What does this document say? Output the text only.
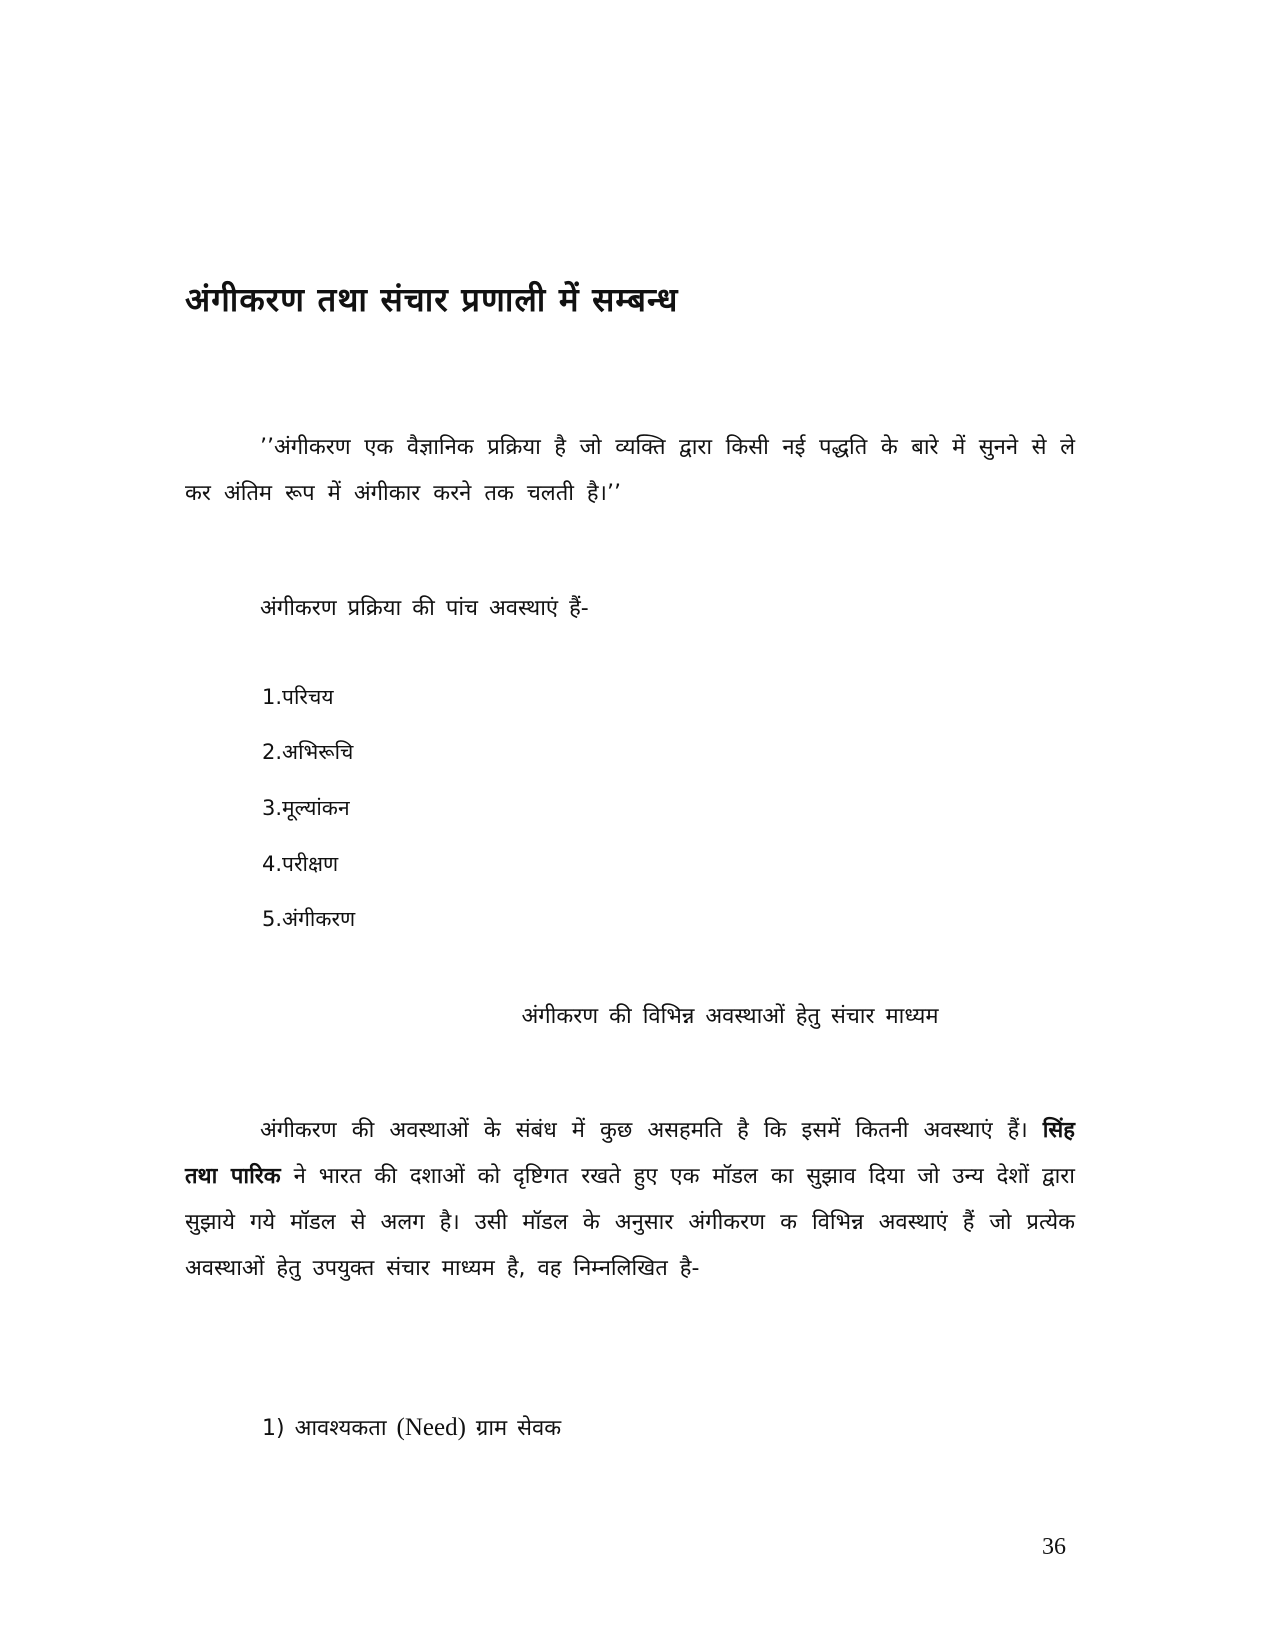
अंगीकरण तथा संचार प्रणाली में सम्बन्ध

’’अंगीकरण एक वैज्ञानिक प्रक्रिया है जो व्यक्ति द्वारा किसी नई पद्धति के बारे में सुनने से ले कर अंतिम रूप में अंगीकार करने तक चलती है।’’

अंगीकरण प्रक्रिया की पांच अवस्थाएं हैं-

1.परिचय

2.अभिरूचि

3.मूल्यांकन

4.परीक्षण

5.अंगीकरण

अंगीकरण की विभिन्न अवस्थाओं हेतु संचार माध्यम

अंगीकरण की अवस्थाओं के संबंध में कुछ असहमति है कि इसमें कितनी अवस्थाएं हैं। सिंह तथा पारिक ने भारत की दशाओं को दृष्टिगत रखते हुए एक मॉडल का सुझाव दिया जो उन्य देशों द्वारा सुझाये गये मॉडल से अलग है। उसी मॉडल के अनुसार अंगीकरण क विभिन्न अवस्थाएं हैं जो प्रत्येक अवस्थाओं हेतु उपयुक्त संचार माध्यम है, वह निम्नलिखित है-

1) आवश्यकता (Need) ग्राम सेवक

36
